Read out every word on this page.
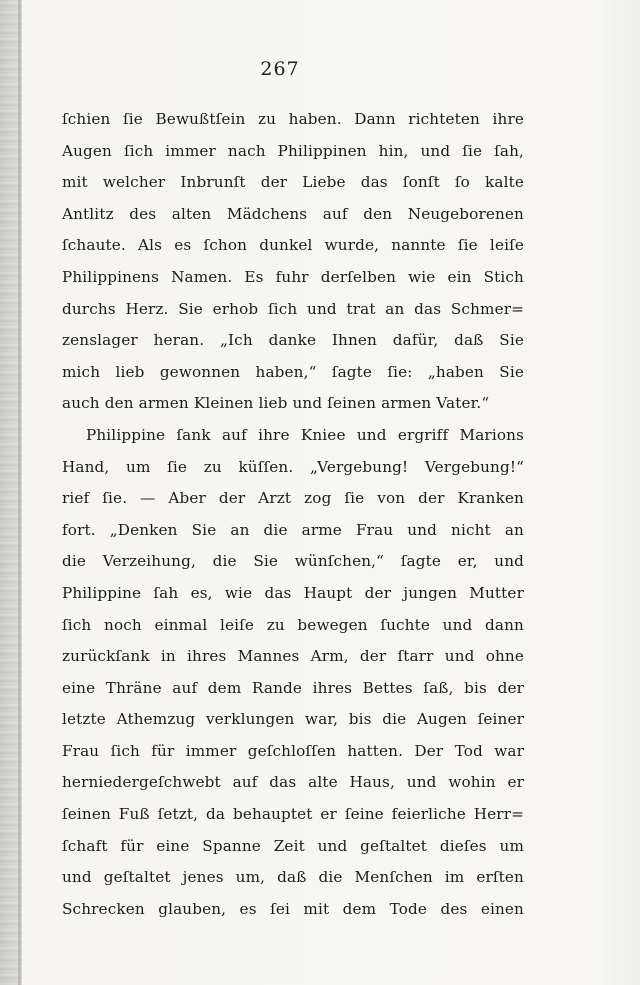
267
ſchien ſie Bewußtſein zu haben. Dann richteten ihre
Augen ſich immer nach Philippinen hin, und ſie ſah,
mit welcher Inbrunſt der Liebe das ſonſt ſo kalte
Antlitz des alten Mädchens auf den Neugeborenen
ſchaute. Als es ſchon dunkel wurde, nannte ſie leiſe
Philippinens Namen. Es fuhr derſelben wie ein Stich
durchs Herz. Sie erhob ſich und trat an das Schmer=
zenslager heran. „Ich danke Ihnen dafür, daß Sie
mich lieb gewonnen haben,“ ſagte ſie: „haben Sie
auch den armen Kleinen lieb und ſeinen armen Vater.“
Philippine ſank auf ihre Kniee und ergriff Marions
Hand, um ſie zu küſſen. „Vergebung! Vergebung!“
rief ſie. — Aber der Arzt zog ſie von der Kranken
fort. „Denken Sie an die arme Frau und nicht an
die Verzeihung, die Sie wünſchen,“ ſagte er, und
Philippine ſah es, wie das Haupt der jungen Mutter
ſich noch einmal leiſe zu bewegen ſuchte und dann
zurückſank in ihres Mannes Arm, der ſtarr und ohne
eine Thräne auf dem Rande ihres Bettes ſaß, bis der
letzte Athemzug verklungen war, bis die Augen ſeiner
Frau ſich für immer geſchloſſen hatten. Der Tod war
herniedergeſchwebt auf das alte Haus, und wohin er
ſeinen Fuß ſetzt, da behauptet er ſeine feierliche Herr=
ſchaft für eine Spanne Zeit und geſtaltet dieſes um
und geſtaltet jenes um, daß die Menſchen im erſten
Schrecken glauben, es ſei mit dem Tode des einen
